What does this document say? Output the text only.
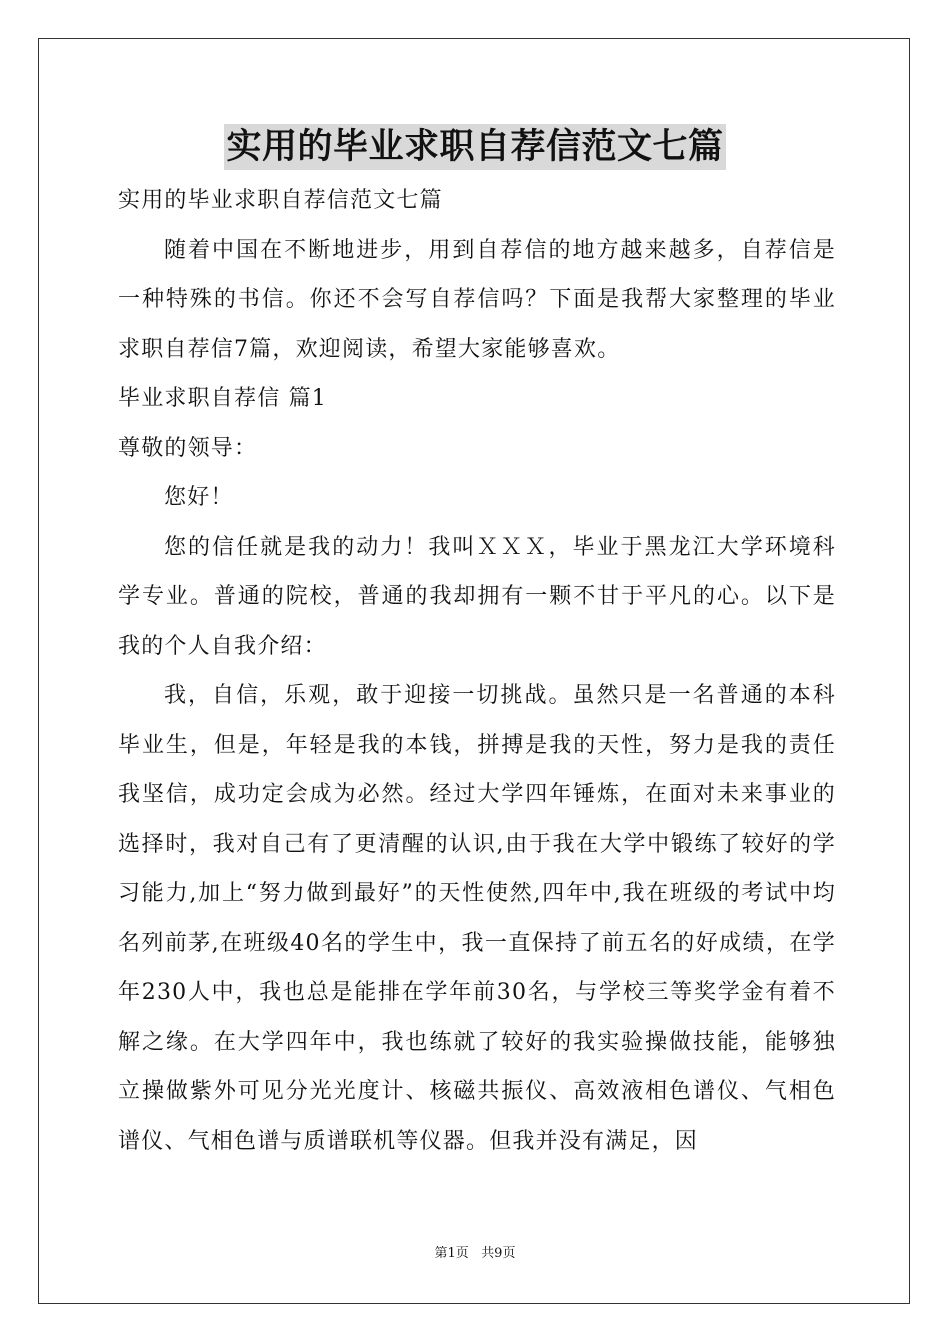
实用的毕业求职自荐信范文七篇

实用的毕业求职自荐信范文七篇

随着中国在不断地进步，用到自荐信的地方越来越多，自荐信是一种特殊的书信。你还不会写自荐信吗？下面是我帮大家整理的毕业求职自荐信7篇，欢迎阅读，希望大家能够喜欢。

毕业求职自荐信 篇1

尊敬的领导：

您好！

您的信任就是我的动力！我叫ＸＸＸ，毕业于黑龙江大学环境科学专业。普通的院校，普通的我却拥有一颗不甘于平凡的心。以下是我的个人自我介绍：

我，自信，乐观，敢于迎接一切挑战。虽然只是一名普通的本科毕业生，但是，年轻是我的本钱，拼搏是我的天性，努力是我的责任我坚信，成功定会成为必然。经过大学四年锤炼，在面对未来事业的选择时，我对自己有了更清醒的认识,由于我在大学中锻练了较好的学习能力,加上“努力做到最好”的天性使然,四年中,我在班级的考试中均名列前茅,在班级40名的学生中，我一直保持了前五名的好成绩，在学年230人中，我也总是能排在学年前30名，与学校三等奖学金有着不解之缘。在大学四年中，我也练就了较好的我实验操做技能，能够独立操做紫外可见分光光度计、核磁共振仪、高效液相色谱仪、气相色谱仪、气相色谱与质谱联机等仪器。但我并没有满足，因

第1页   共9页
